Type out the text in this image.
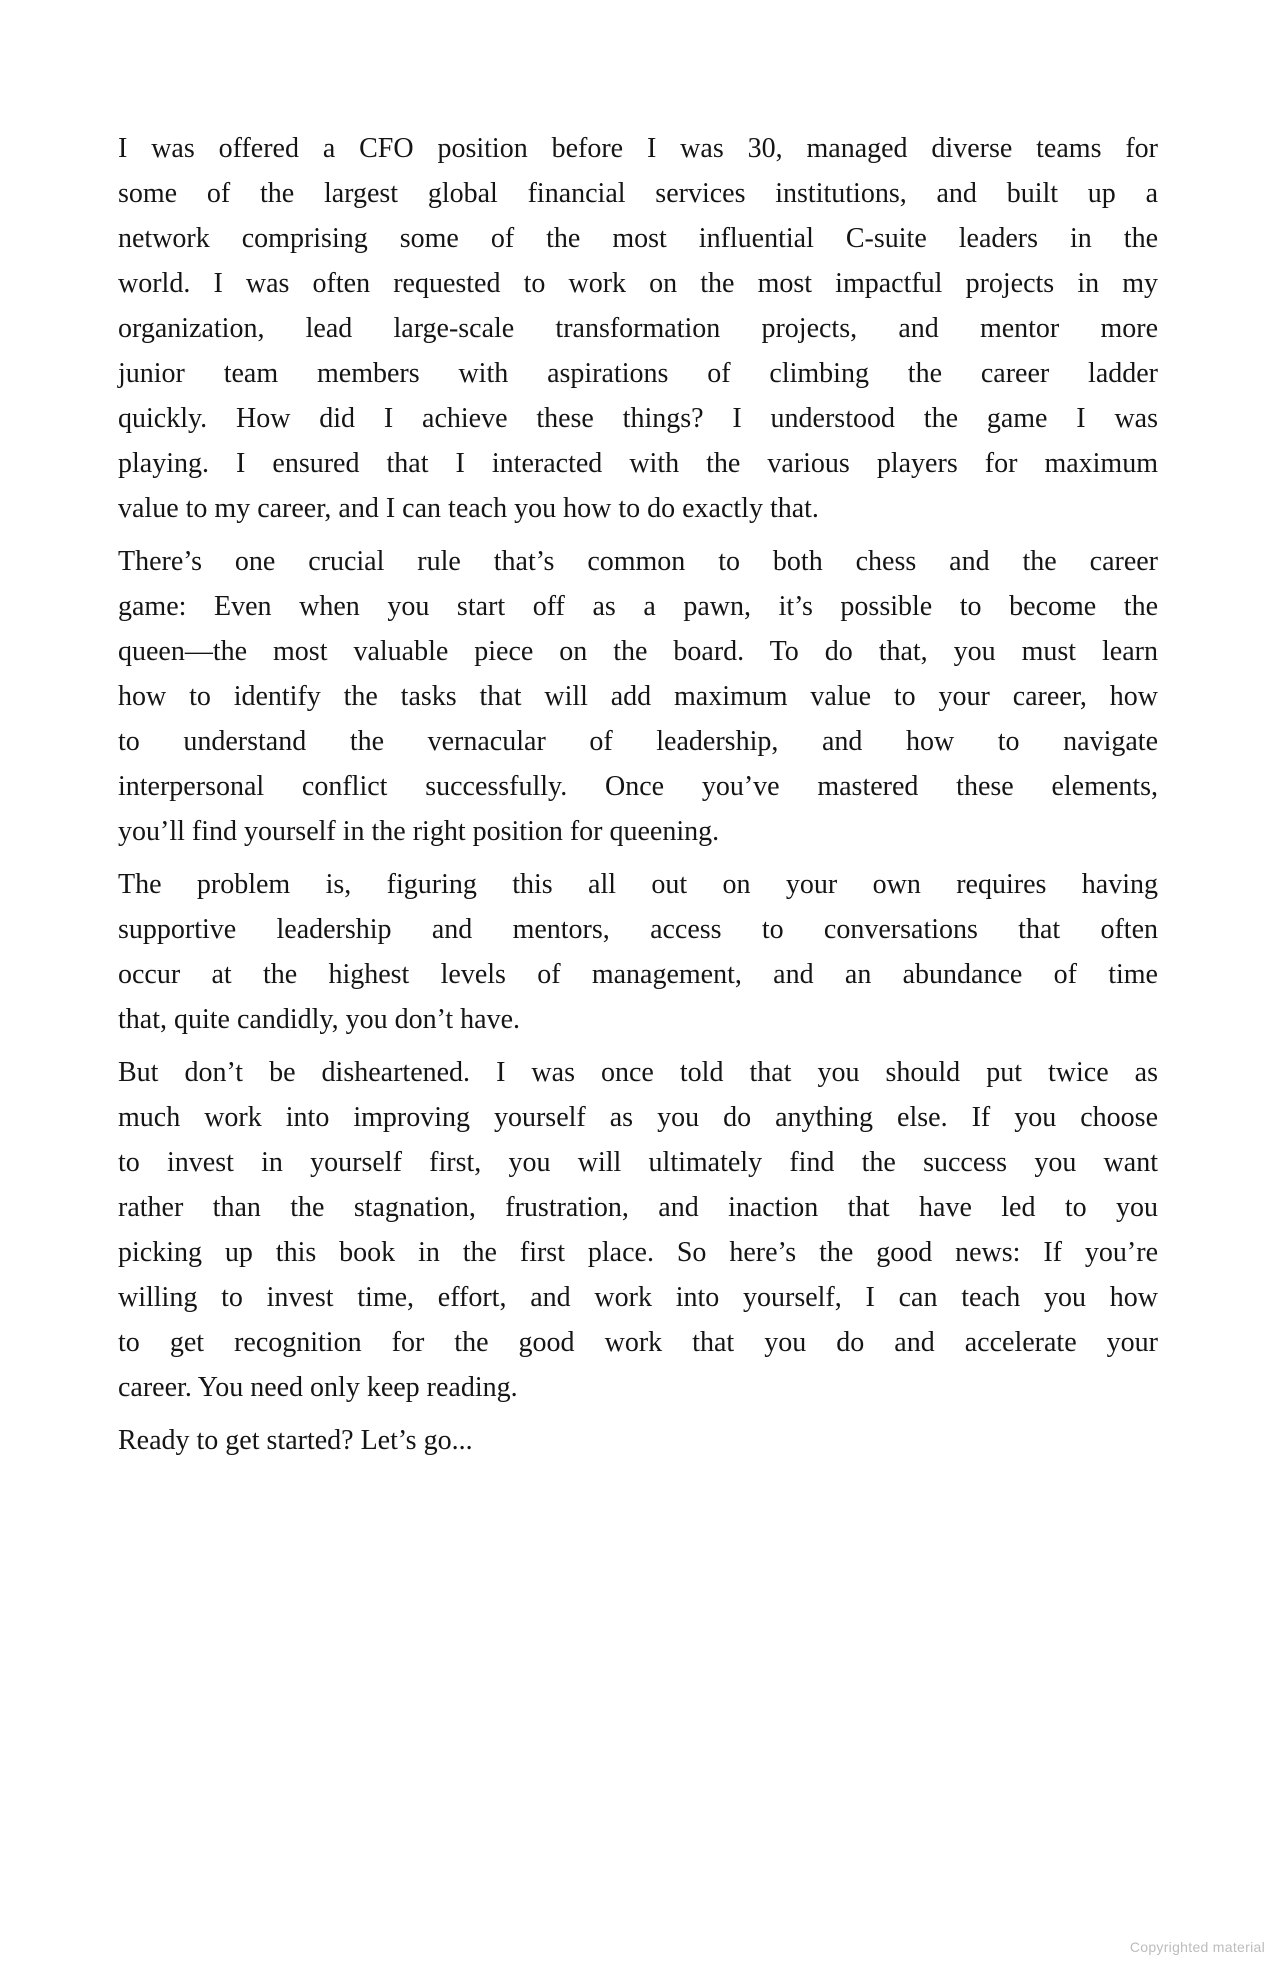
I was offered a CFO position before I was 30, managed diverse teams for
some of the largest global financial services institutions, and built up a
network comprising some of the most influential C-suite leaders in the
world. I was often requested to work on the most impactful projects in my
organization, lead large-scale transformation projects, and mentor more
junior team members with aspirations of climbing the career ladder
quickly. How did I achieve these things? I understood the game I was
playing. I ensured that I interacted with the various players for maximum
value to my career, and I can teach you how to do exactly that.

There’s one crucial rule that’s common to both chess and the career
game: Even when you start off as a pawn, it’s possible to become the
queen—the most valuable piece on the board. To do that, you must learn
how to identify the tasks that will add maximum value to your career, how
to understand the vernacular of leadership, and how to navigate
interpersonal conflict successfully. Once you’ve mastered these elements,
you’ll find yourself in the right position for queening.

The problem is, figuring this all out on your own requires having
supportive leadership and mentors, access to conversations that often
occur at the highest levels of management, and an abundance of time
that, quite candidly, you don’t have.

But don’t be disheartened. I was once told that you should put twice as
much work into improving yourself as you do anything else. If you choose
to invest in yourself first, you will ultimately find the success you want
rather than the stagnation, frustration, and inaction that have led to you
picking up this book in the first place. So here’s the good news: If you’re
willing to invest time, effort, and work into yourself, I can teach you how
to get recognition for the good work that you do and accelerate your
career. You need only keep reading.

Ready to get started? Let’s go...

Copyrighted material
